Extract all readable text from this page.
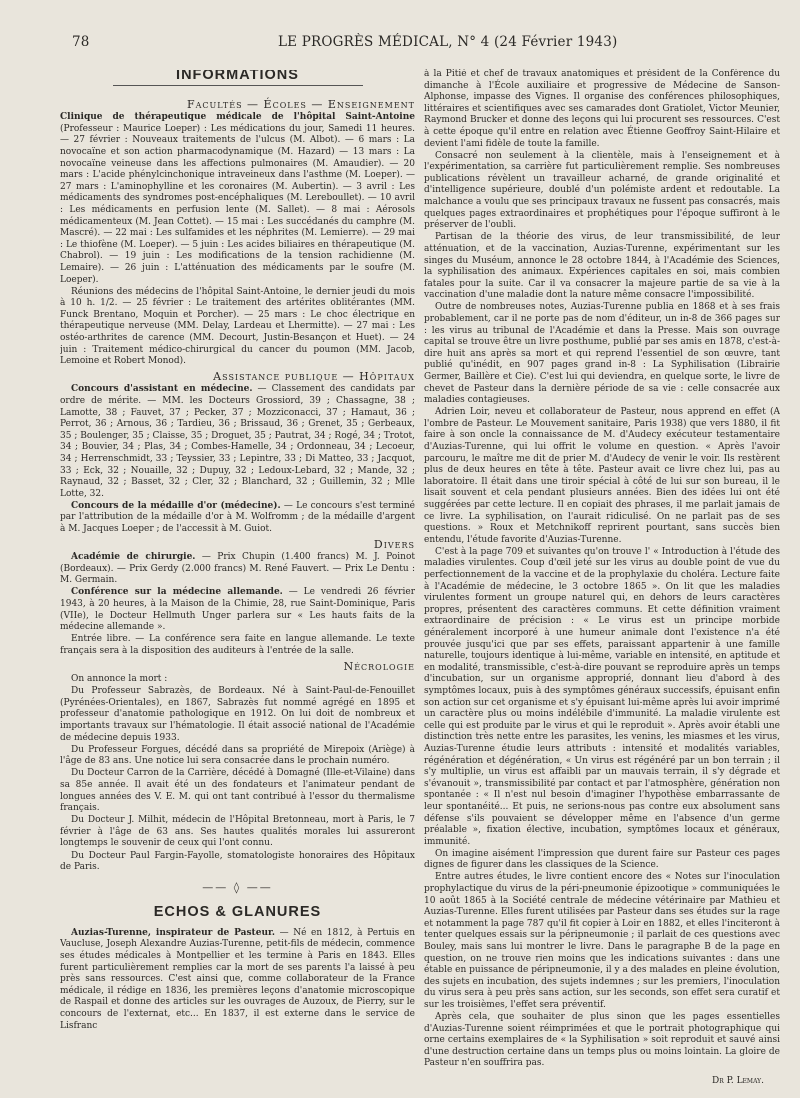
78	LE PROGRÈS MÉDICAL, N° 4 (24 Février 1943)
INFORMATIONS
Facultés — Écoles — Enseignement

Clinique de thérapeutique médicale de l'hôpital Saint-Antoine (Professeur : Maurice Loeper) : Les médications du jour, Samedi 11 heures. — 27 février : Nouveaux traitements de l'ulcus (M. Albot). — 6 mars : La novocaïne et son action pharmacodynamique (M. Hazard) — 13 mars : La novocaïne veineuse dans les affections pulmonaires (M. Amaudier). — 20 mars : L'acide phénylcinchonique intraveineux dans l'asthme (M. Loeper). — 27 mars : L'aminophylline et les coronaires (M. Aubertin). — 3 avril : Les médicaments des syndromes post-encéphaliques (M. Lereboullet). — 10 avril : Les médicaments en perfusion lente (M. Sallet). — 8 mai : Aérosols médicamenteux (M. Jean Cottet). — 15 mai : Les succédanés du camphre (M. Mascré). — 22 mai : Les sulfamides et les néphrites (M. Lemierre). — 29 mai : Le thiofène (M. Loeper). — 5 juin : Les acides biliaires en thérapeutique (M. Chabrol). — 19 juin : Les modifications de la tension rachidienne (M. Lemaire). — 26 juin : L'atténuation des médicaments par le soufre (M. Loeper).

Réunions des médecins de l'hôpital Saint-Antoine, le dernier jeudi du mois à 10 h. 1/2. — 25 février : Le traitement des artérites oblitérantes (MM. Funck Brentano, Moquin et Porcher). — 25 mars : Le choc électrique en thérapeutique nerveuse (MM. Delay, Lardeau et Lhermitte). — 27 mai : Les ostéo-arthrites de carence (MM. Decourt, Justin-Besançon et Huet). — 24 juin : Traitement médico-chirurgical du cancer du poumon (MM. Jacob, Lemoine et Robert Monod).

Assistance publique — Hôpitaux

Concours d'assistant en médecine. — Classement des candidats par ordre de mérite. — MM. les Docteurs Grossiord, 39 ; Chassagne, 38 ; Lamotte, 38 ; Fauvet, 37 ; Pecker, 37 ; Mozziconacci, 37 ; Hamaut, 36 ; Perrot, 36 ; Arnous, 36 ; Tardieu, 36 ; Brissaud, 36 ; Grenet, 35 ; Gerbeaux, 35 ; Boulenger, 35 ; Claisse, 35 ; Droguet, 35 ; Pautrat, 34 ; Rogé, 34 ; Trotot, 34 ; Bouvier, 34 ; Plas, 34 ; Combes-Hamelle, 34 ; Ordonneau, 34 ; Lecoeur, 34 ; Herrenschmidt, 33 ; Teyssier, 33 ; Lepintre, 33 ; Di Matteo, 33 ; Jacquot, 33 ; Eck, 32 ; Nouaille, 32 ; Dupuy, 32 ; Ledoux-Lebard, 32 ; Mande, 32 ; Raynaud, 32 ; Basset, 32 ; Cler, 32 ; Blanchard, 32 ; Guillemin, 32 ; Mlle Lotte, 32.

Concours de la médaille d'or (médecine). — Le concours s'est terminé par l'attribution de la médaille d'or à M. Wolfromm ; de la médaille d'argent à M. Jacques Loeper ; de l'accessit à M. Guiot.

Divers

Académie de chirurgie. — Prix Chupin (1.400 francs) M. J. Poinot (Bordeaux). — Prix Gerdy (2.000 francs) M. René Fauvert. — Prix Le Dentu : M. Germain.

Conférence sur la médecine allemande. — Le vendredi 26 février 1943, à 20 heures, à la Maison de la Chimie, 28, rue Saint-Dominique, Paris (VIIe), le Docteur Hellmuth Unger parlera sur « Les hauts faits de la médecine allemande ».

Entrée libre. — La conférence sera faite en langue allemande. Le texte français sera à la disposition des auditeurs à l'entrée de la salle.

Nécrologie

On annonce la mort :

Du Professeur Sabrazès, de Bordeaux. Né à Saint-Paul-de-Fenouillet (Pyrénées-Orientales), en 1867, Sabrazès fut nommé agrégé en 1895 et professeur d'anatomie pathologique en 1912. On lui doit de nombreux et importants travaux sur l'hématologie. Il était associé national de l'Académie de médecine depuis 1933.

Du Professeur Forgues, décédé dans sa propriété de Mirepoix (Ariège) à l'âge de 83 ans. Une notice lui sera consacrée dans le prochain numéro.

Du Docteur Carron de la Carrière, décédé à Domagné (Ille-et-Vilaine) dans sa 85e année. Il avait été un des fondateurs et l'animateur pendant de longues années des V. E. M. qui ont tant contribué à l'essor du thermalisme français.

Du Docteur J. Milhit, médecin de l'Hôpital Bretonneau, mort à Paris, le 7 février à l'âge de 63 ans. Ses hautes qualités morales lui assureront longtemps le souvenir de ceux qui l'ont connu.

Du Docteur Paul Fargin-Fayolle, stomatologiste honoraires des Hôpitaux de Paris.

—— ◊ ——
ECHOS & GLANURES

Auzias-Turenne, inspirateur de Pasteur. — Né en 1812, à Pertuis en Vaucluse, Joseph Alexandre Auzias-Turenne, petit-fils de médecin, commence ses études médicales à Montpellier et les termine à Paris en 1843. Elles furent particulièrement remplies car la mort de ses parents l'a laissé à peu près sans ressources. C'est ainsi que, comme collaborateur de la France médicale, il rédige en 1836, les premières leçons d'anatomie microscopique de Raspail et donne des articles sur les ouvrages de Auzoux, de Pierry, sur le concours de l'externat, etc... En 1837, il est externe dans le service de Lisfranc

à la Pitié et chef de travaux anatomiques et président de la Conférence du dimanche à l'École auxiliaire et progressive de Médecine de Sanson-Alphonse, impasse des Vignes. Il organise des conférences philosophiques, littéraires et scientifiques avec ses camarades dont Gratiolet, Victor Meunier, Raymond Brucker et donne des leçons qui lui procurent ses ressources. C'est à cette époque qu'il entre en relation avec Étienne Geoffroy Saint-Hilaire et devient l'ami fidèle de toute la famille.

Consacré non seulement à la clientèle, mais à l'enseignement et à l'expérimentation, sa carrière fut particulièrement remplie. Ses nombreuses publications révèlent un travailleur acharné, de grande originalité et d'intelligence supérieure, doublé d'un polémiste ardent et redoutable. La malchance a voulu que ses principaux travaux ne fussent pas consacrés, mais quelques pages extraordinaires et prophétiques pour l'époque suffiront à le préserver de l'oubli.

Partisan de la théorie des virus, de leur transmissibilité, de leur atténuation, et de la vaccination, Auzias-Turenne, expérimentant sur les singes du Muséum, annonce le 28 octobre 1844, à l'Académie des Sciences, la syphilisation des animaux. Expériences capitales en soi, mais combien fatales pour la suite. Car il va consacrer la majeure partie de sa vie à la vaccination d'une maladie dont la nature même consacre l'impossibilité.

Outre de nombreuses notes, Auzias-Turenne publia en 1868 et à ses frais probablement, car il ne porte pas de nom d'éditeur, un in-8 de 366 pages sur : les virus au tribunal de l'Académie et dans la Presse. Mais son ouvrage capital se trouve être un livre posthume, publié par ses amis en 1878, c'est-à-dire huit ans après sa mort et qui reprend l'essentiel de son œuvre, tant publié qu'inédit, en 907 pages grand in-8 : La Syphilisation (Librairie Germer, Baillère et Cie). C'est lui qui deviendra, en quelque sorte, le livre de chevet de Pasteur dans la dernière période de sa vie : celle consacrée aux maladies contagieuses.

Adrien Loir, neveu et collaborateur de Pasteur, nous apprend en effet (A l'ombre de Pasteur. Le Mouvement sanitaire, Paris 1938) que vers 1880, il fit faire à son oncle la connaissance de M. d'Audecy exécuteur testamentaire d'Auzias-Turenne, qui lui offrit le volume en question. « Après l'avoir parcouru, le maître me dit de prier M. d'Audecy de venir le voir. Ils restèrent plus de deux heures en tête à tête. Pasteur avait ce livre chez lui, pas au laboratoire. Il était dans une tiroir spécial à côté de lui sur son bureau, il le lisait souvent et cela pendant plusieurs années. Bien des idées lui ont été suggérées par cette lecture. Il en copiait des phrases, il me parlait jamais de ce livre. La syphilisation, on l'aurait ridiculisé. On ne parlait pas de ses questions. » Roux et Metchnikoff reprirent pourtant, sans succès bien entendu, l'étude favorite d'Auzias-Turenne.

C'est à la page 709 et suivantes qu'on trouve l' « Introduction à l'étude des maladies virulentes. Coup d'œil jeté sur les virus au double point de vue du perfectionnement de la vaccine et de la prophylaxie du choléra. Lecture faite à l'Académie de médecine, le 3 octobre 1865 ». On lit que les maladies virulentes forment un groupe naturel qui, en dehors de leurs caractères propres, présentent des caractères communs. Et cette définition vraiment extraordinaire de précision : « Le virus est un principe morbide généralement incorporé à une humeur animale dont l'existence n'a été prouvée jusqu'ici que par ses effets, paraissant appartenir à une famille naturelle, toujours identique à lui-même, variable en intensité, en aptitude et en modalité, transmissible, c'est-à-dire pouvant se reproduire après un temps d'incubation, sur un organisme approprié, donnant lieu d'abord à des symptômes locaux, puis à des symptômes généraux successifs, épuisant enfin son action sur cet organisme et s'y épuisant lui-même après lui avoir imprimé un caractère plus ou moins indélébile d'immunité. La maladie virulente est celle qui est produite par le virus et qui le reproduit ». Après avoir établi une distinction très nette entre les parasites, les venins, les miasmes et les virus, Auzias-Turenne étudie leurs attributs : intensité et modalités variables, régénération et dégénération, « Un virus est régénéré par un bon terrain ; il s'y multiplie, un virus est affaibli par un mauvais terrain, il s'y dégrade et s'évanouit », transmissibilité par contact et par l'atmosphère, génération non spontanée : « Il n'est nul besoin d'imaginer l'hypothèse embarrassante de leur spontanéité... Et puis, ne serions-nous pas contre eux absolument sans défense s'ils pouvaient se développer même en l'absence d'un germe préalable », fixation élective, incubation, symptômes locaux et généraux, immunité.

On imagine aisément l'impression que durent faire sur Pasteur ces pages dignes de figurer dans les classiques de la Science.

Entre autres études, le livre contient encore des « Notes sur l'inoculation prophylactique du virus de la péri-pneumonie épizootique » communiquées le 10 août 1865 à la Société centrale de médecine vétérinaire par Mathieu et Auzias-Turenne. Elles furent utilisées par Pasteur dans ses études sur la rage et notamment la page 787 qu'il fit copier à Loir en 1882, et elles l'inciteront à tenter quelques essais sur la péripneumonie ; il parlait de ces questions avec Bouley, mais sans lui montrer le livre. Dans le paragraphe B de la page en question, on ne trouve rien moins que les indications suivantes : dans une étable en puissance de péripneumonie, il y a des malades en pleine évolution, des sujets en incubation, des sujets indemnes ; sur les premiers, l'inoculation du virus sera à peu près sans action, sur les seconds, son effet sera curatif et sur les troisièmes, l'effet sera préventif.

Après cela, que souhaiter de plus sinon que les pages essentielles d'Auzias-Turenne soient réimprimées et que le portrait photographique qui orne certains exemplaires de « la Syphilisation » soit reproduit et sauvé ainsi d'une destruction certaine dans un temps plus ou moins lointain. La gloire de Pasteur n'en souffrira pas.

Dr P. Lemay.
